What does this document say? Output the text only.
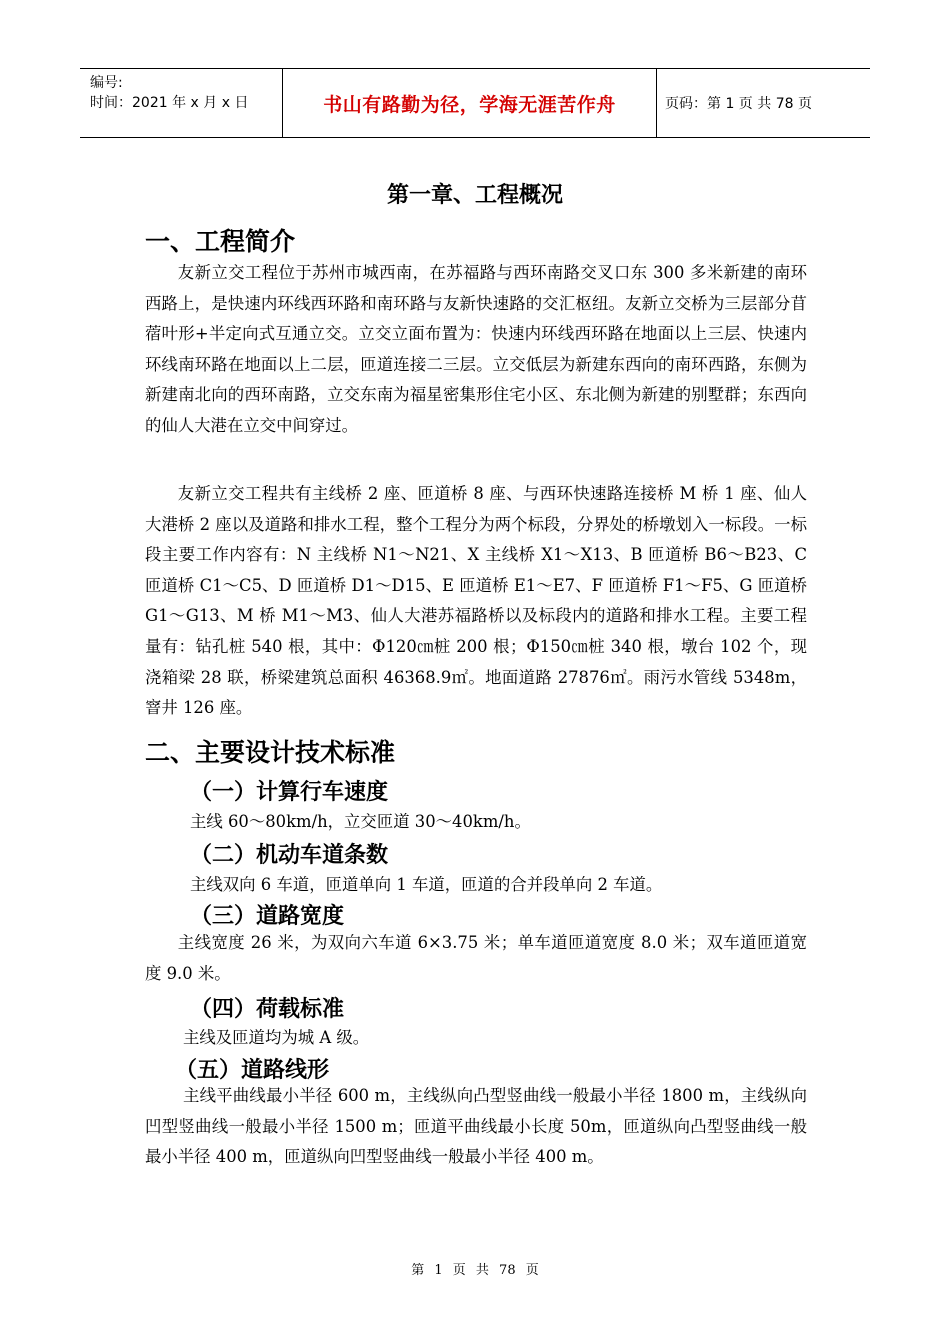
编号:
时间：2021 年 x 月 x 日	书山有路勤为径，学海无涯苦作舟	页码：第 1 页 共 78 页
第一章、工程概况
一、工程简介

友新立交工程位于苏州市城西南，在苏福路与西环南路交叉口东 300 多米新建的南环西路上，是快速内环线西环路和南环路与友新快速路的交汇枢纽。友新立交桥为三层部分苜蓿叶形+半定向式互通立交。立交立面布置为：快速内环线西环路在地面以上三层、快速内环线南环路在地面以上二层，匝道连接二三层。立交低层为新建东西向的南环西路，东侧为新建南北向的西环南路，立交东南为福星密集形住宅小区、东北侧为新建的别墅群；东西向的仙人大港在立交中间穿过。

友新立交工程共有主线桥 2 座、匝道桥 8 座、与西环快速路连接桥 M 桥 1 座、仙人大港桥 2 座以及道路和排水工程，整个工程分为两个标段，分界处的桥墩划入一标段。一标段主要工作内容有：N 主线桥 N1～N21、X 主线桥 X1～X13、B 匝道桥 B6～B23、C 匝道桥 C1～C5、D 匝道桥 D1～D15、E 匝道桥 E1～E7、F 匝道桥 F1～F5、G 匝道桥 G1～G13、M 桥 M1～M3、仙人大港苏福路桥以及标段内的道路和排水工程。主要工程量有：钻孔桩 540 根，其中：Φ120㎝桩 200 根；Φ150㎝桩 340 根，墩台 102 个，现浇箱梁 28 联，桥梁建筑总面积 46368.9㎡。地面道路 27876㎡。雨污水管线 5348m，窨井 126 座。

二、主要设计技术标准
（一）计算行车速度
主线 60～80km/h，立交匝道 30～40km/h。
（二）机动车道条数
主线双向 6 车道，匝道单向 1 车道，匝道的合并段单向 2 车道。
（三）道路宽度

主线宽度 26 米，为双向六车道 6×3.75 米；单车道匝道宽度 8.0 米；双车道匝道宽度 9.0 米。

（四）荷载标准
主线及匝道均为城 A 级。
（五）道路线形

主线平曲线最小半径 600 m，主线纵向凸型竖曲线一般最小半径 1800 m，主线纵向凹型竖曲线一般最小半径 1500 m；匝道平曲线最小长度 50m，匝道纵向凸型竖曲线一般最小半径 400 m，匝道纵向凹型竖曲线一般最小半径 400 m。

第 1 页 共 78 页
